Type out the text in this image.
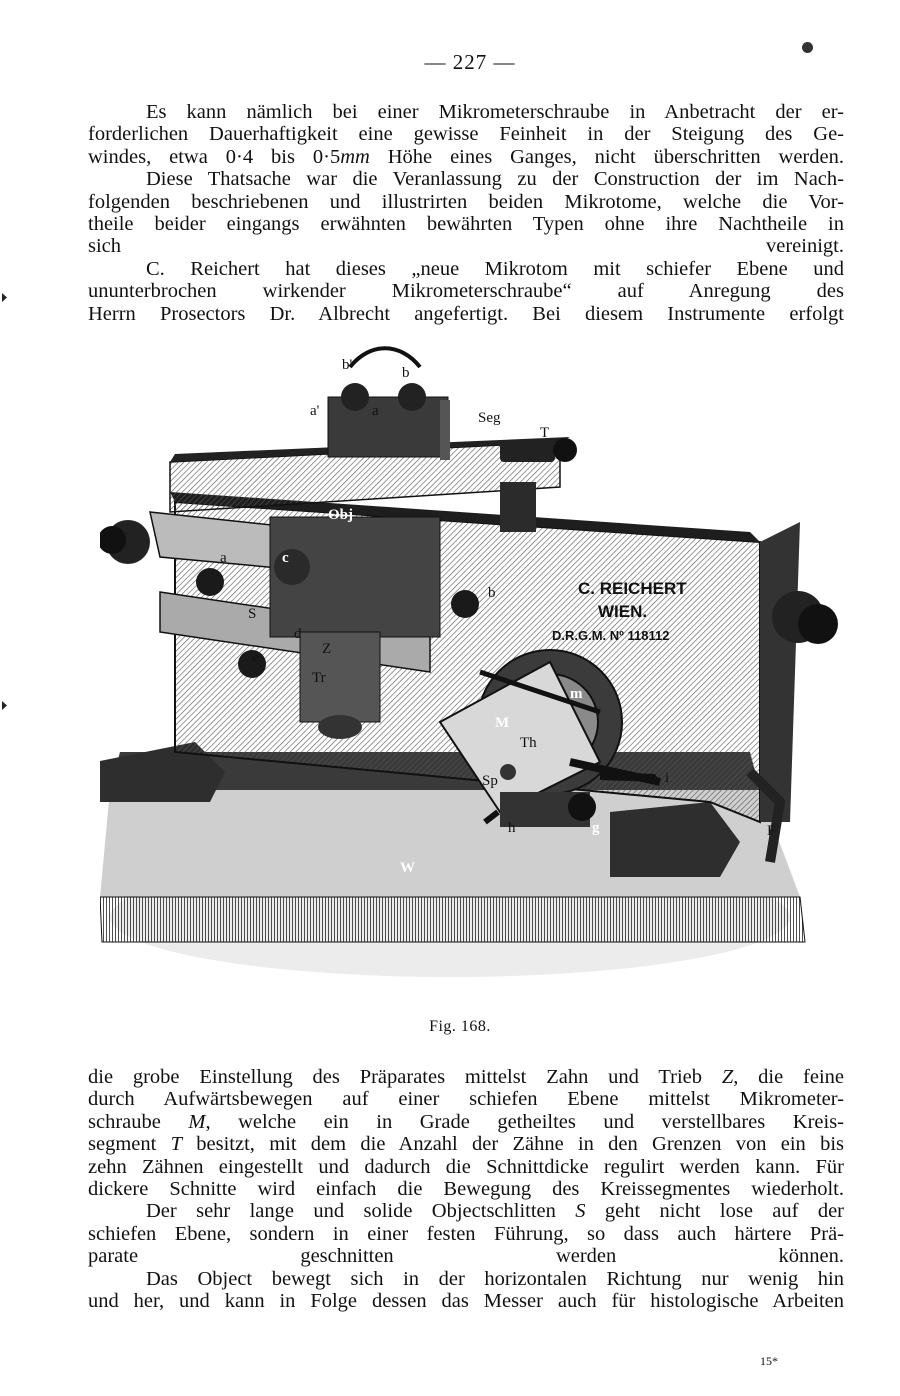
— 227 —

Es kann nämlich bei einer Mikrometerschraube in Anbetracht der er-
forderlichen Dauerhaftigkeit eine gewisse Feinheit in der Steigung des Ge-
windes, etwa 0·4 bis 0·5mm Höhe eines Ganges, nicht überschritten werden.

Diese Thatsache war die Veranlassung zu der Construction der im Nach-
folgenden beschriebenen und illustrirten beiden Mikrotome, welche die Vor-
theile beider eingangs erwähnten bewährten Typen ohne ihre Nachtheile in
sich vereinigt.

C. Reichert hat dieses „neue Mikrotom mit schiefer Ebene und
ununterbrochen wirkender Mikrometerschraube“ auf Anregung des
Herrn Prosectors Dr. Albrecht angefertigt. Bei diesem Instrumente erfolgt

b'	b
a'	a	Seg
T
Obj
a	c
b
S
d
Z
e
Tr
m
M
Th
Sp	i
h	g	F
W
C. REICHERT
WIEN.
D.R.G.M. Nº 118112
Fig. 168.

die grobe Einstellung des Präparates mittelst Zahn und Trieb Z, die feine
durch Aufwärtsbewegen auf einer schiefen Ebene mittelst Mikrometer-
schraube M, welche ein in Grade getheiltes und verstellbares Kreis-
segment T besitzt, mit dem die Anzahl der Zähne in den Grenzen von ein bis
zehn Zähnen eingestellt und dadurch die Schnittdicke regulirt werden kann. Für
dickere Schnitte wird einfach die Bewegung des Kreissegmentes wiederholt.

Der sehr lange und solide Objectschlitten S geht nicht lose auf der
schiefen Ebene, sondern in einer festen Führung, so dass auch härtere Prä-
parate geschnitten werden können.

Das Object bewegt sich in der horizontalen Richtung nur wenig hin
und her, und kann in Folge dessen das Messer auch für histologische Arbeiten

15*
